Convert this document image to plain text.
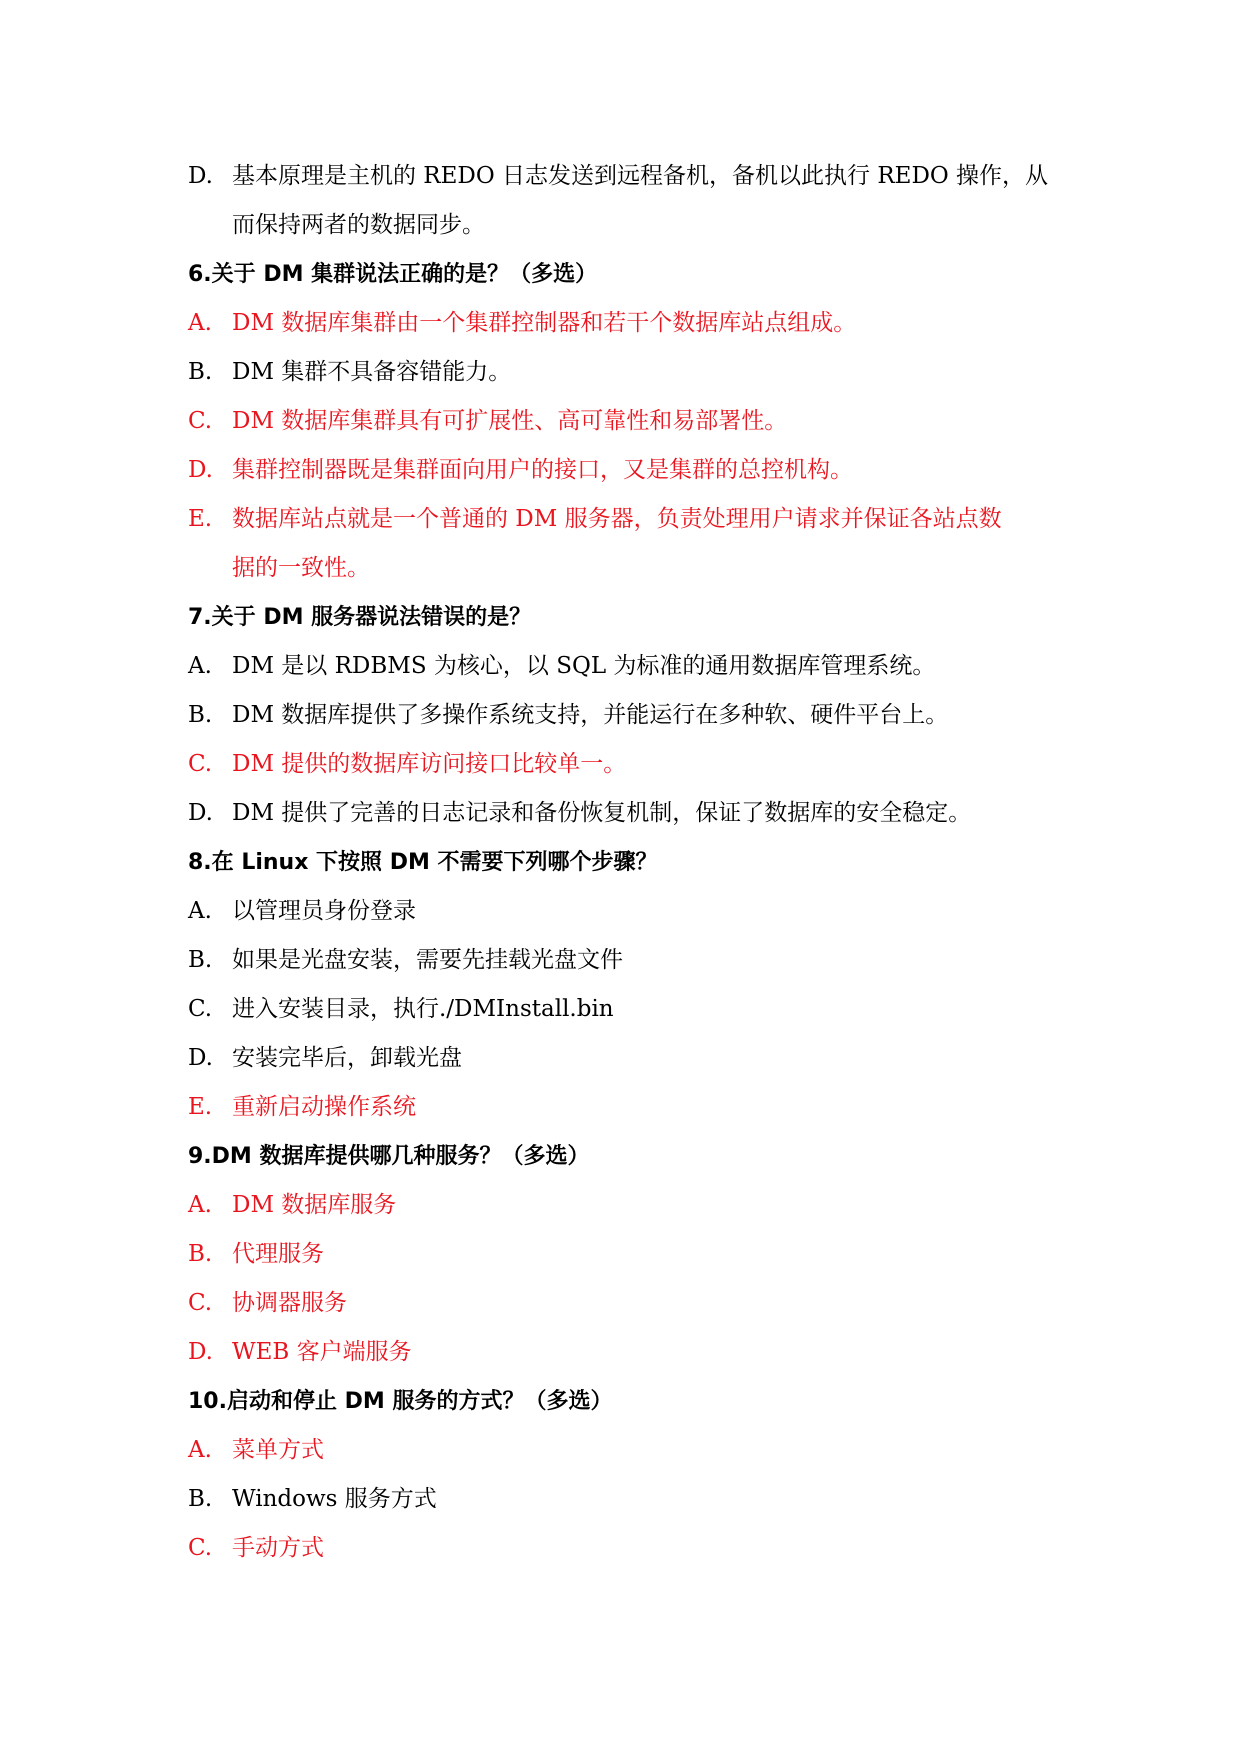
D. 基本原理是主机的 REDO 日志发送到远程备机，备机以此执行 REDO 操作，从
而保持两者的数据同步。
6.关于 DM 集群说法正确的是？（多选）
A. DM 数据库集群由一个集群控制器和若干个数据库站点组成。
B. DM 集群不具备容错能力。
C. DM 数据库集群具有可扩展性、高可靠性和易部署性。
D. 集群控制器既是集群面向用户的接口，又是集群的总控机构。
E. 数据库站点就是一个普通的 DM 服务器，负责处理用户请求并保证各站点数
据的一致性。
7.关于 DM 服务器说法错误的是？
A. DM 是以 RDBMS 为核心，以 SQL 为标准的通用数据库管理系统。
B. DM 数据库提供了多操作系统支持，并能运行在多种软、硬件平台上。
C. DM 提供的数据库访问接口比较单一。
D. DM 提供了完善的日志记录和备份恢复机制，保证了数据库的安全稳定。
8.在 Linux 下按照 DM 不需要下列哪个步骤？
A. 以管理员身份登录
B. 如果是光盘安装，需要先挂载光盘文件
C. 进入安装目录，执行./DMInstall.bin
D. 安装完毕后，卸载光盘
E. 重新启动操作系统
9.DM 数据库提供哪几种服务？（多选）
A. DM 数据库服务
B. 代理服务
C. 协调器服务
D. WEB 客户端服务
10.启动和停止 DM 服务的方式？（多选）
A. 菜单方式
B. Windows 服务方式
C. 手动方式
